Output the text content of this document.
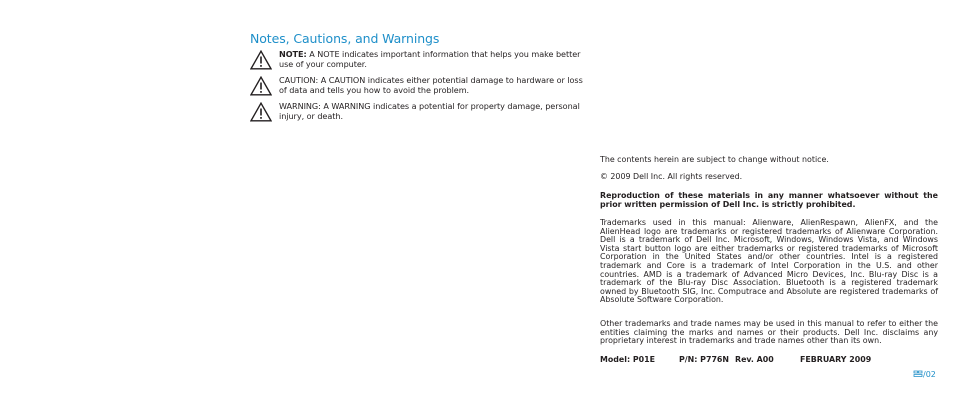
Notes, Cautions, and Warnings
NOTE: A NOTE indicates important information that helps you make better use of your computer.
CAUTION: A CAUTION indicates either potential damage to hardware or loss of data and tells you how to avoid the problem.
WARNING: A WARNING indicates a potential for property damage, personal injury, or death.

The contents herein are subject to change without notice.

© 2009 Dell Inc. All rights reserved.

Reproduction of these materials in any manner whatsoever without the prior written permission of Dell Inc. is strictly prohibited.

Trademarks used in this manual: Alienware, AlienRespawn, AlienFX, and the AlienHead logo are trademarks or registered trademarks of Alienware Corporation. Dell is a trademark of Dell Inc. Microsoft, Windows, Windows Vista, and Windows Vista start button logo are either trademarks or registered trademarks of Microsoft Corporation in the United States and/or other countries. Intel is a registered trademark and Core is a trademark of Intel Corporation in the U.S. and other countries. AMD is a trademark of Advanced Micro Devices, Inc. Blu-ray Disc is a trademark of the Blu-ray Disc Association. Bluetooth is a registered trademark owned by Bluetooth SIG, Inc. Computrace and Absolute are registered trademarks of Absolute Software Corporation.

Other trademarks and trade names may be used in this manual to refer to either the entities claiming the marks and names or their products. Dell Inc. disclaims any proprietary interest in trademarks and trade names other than its own.

Model: P01E	P/N: P776N Rev. A00	FEBRUARY 2009
/02
